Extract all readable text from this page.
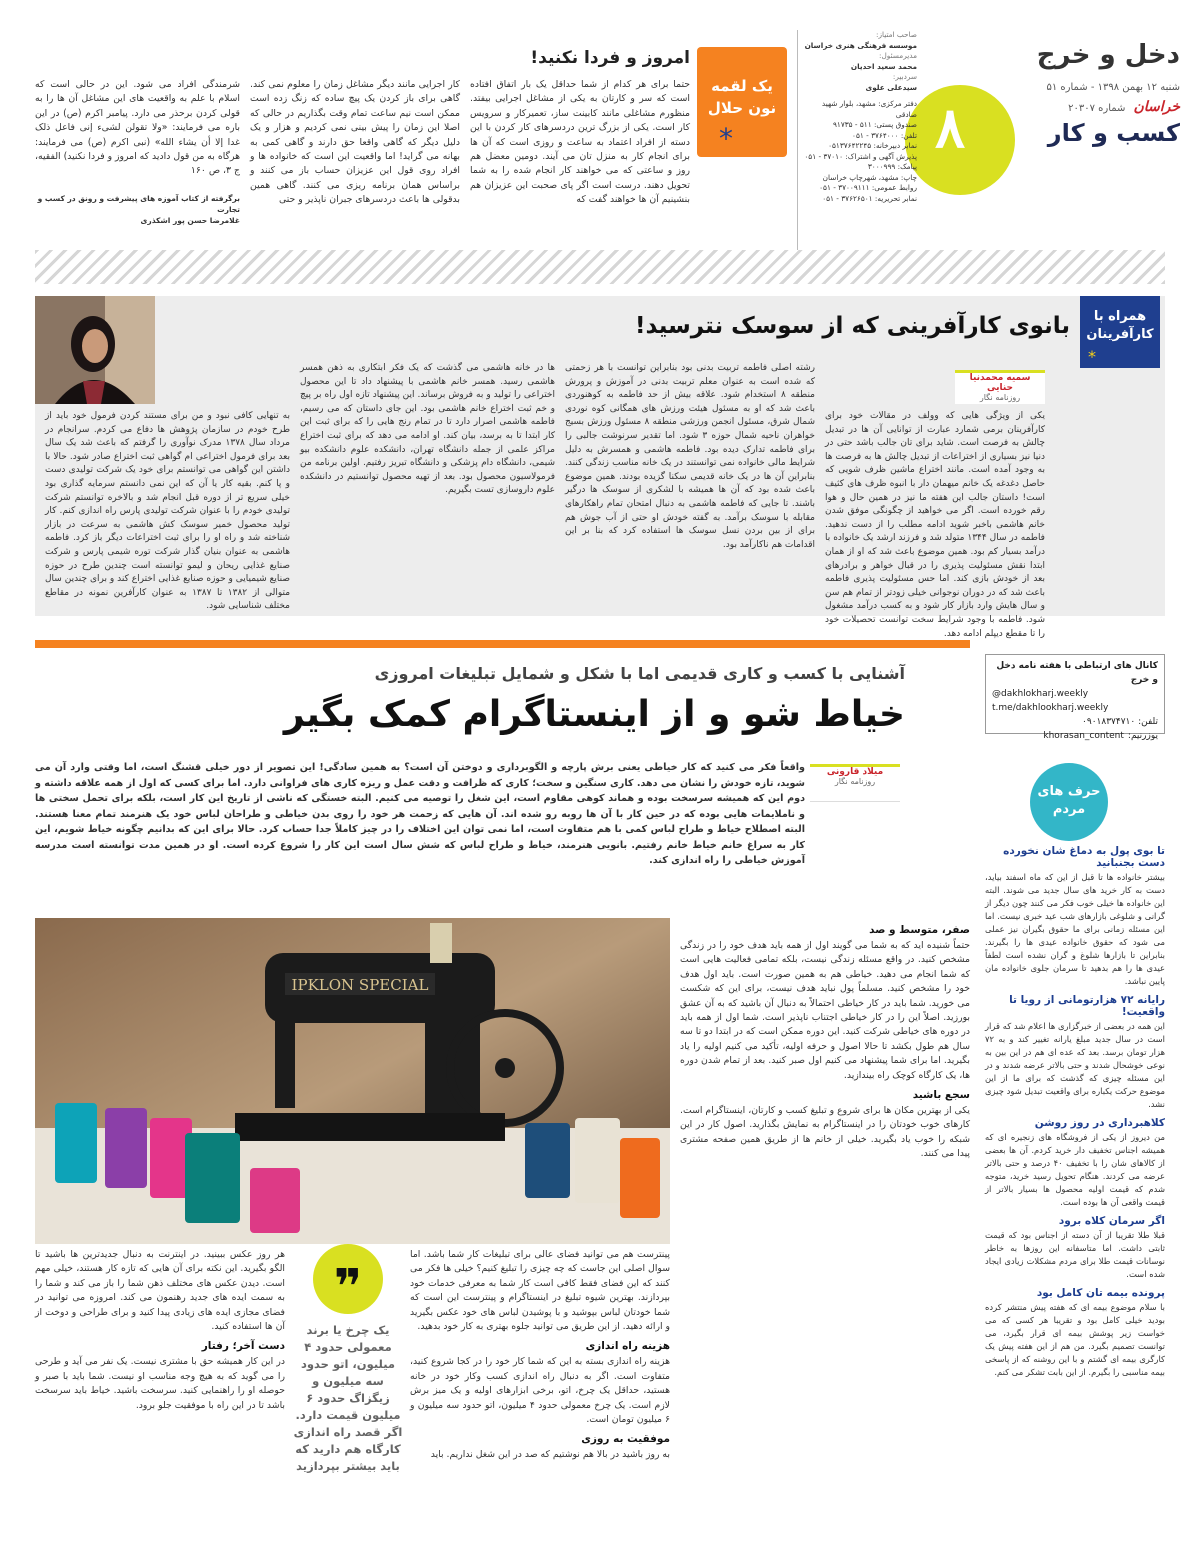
دخل و خرج
شنبه ۱۲ بهمن ۱۳۹۸ - شماره ۵۱
خراسان
شماره ۲۰۳۰۷
کسب و کار
۸
صاحب امتیاز:
موسسه فرهنگی هنری خراسان
مدیرمسئول:
محمد سعید احدیان
سردبیر:
سیدعلی علوی
دفتر مرکزی: مشهد، بلوار شهید صادقی
صندوق پستی: ۵۱۱ - ۹۱۷۳۵
تلفن: ۳۷۶۴۰۰۰ - ۰۵۱
نمابر دبیرخانه: ۰۵۱۳۷۶۴۲۲۴۵
پذیرش آگهی و اشتراک: ۳۷۰۱۰ - ۰۵۱
پیامک: ۳۰۰۰۹۹۹
چاپ: مشهد، شهرچاپ خراسان
روابط عمومی: ۳۷۰۰۹۱۱۱ - ۰۵۱
نمابر تحریریه: ۳۷۶۲۶۵۰۱ - ۰۵۱
یک لقمه نون حلال
*
امروز و فردا نکنید!
حتما برای هر کدام از شما حداقل یک بار اتفاق افتاده است که سر و کارتان به یکی از مشاغل اجرایی بیفتد. منظورم مشاغلی مانند کابینت ساز، تعمیرکار و سرویس کار است. یکی از بزرگ ترین دردسرهای کار کردن با این دسته از افراد اعتماد به ساعت و روزی است که آن ها برای انجام کار به منزل تان می آیند. دومین معضل هم روز و ساعتی که می خواهند کار انجام شده را به شما تحویل دهند. درست است اگر پای صحبت این عزیزان هم بنشینیم آن ها خواهند گفت که
کار اجرایی مانند دیگر مشاغل زمان را معلوم نمی کند. گاهی برای باز کردن یک پیچ ساده که زنگ زده است ممکن است نیم ساعت تمام وقت بگذاریم در حالی که اصلا این زمان را پیش بینی نمی کردیم و هزار و یک دلیل دیگر که گاهی واقعا حق دارند و گاهی کمی به بهانه می گراید! اما واقعیت این است که خانواده ها و افراد روی قول این عزیزان حساب باز می کنند و براساس همان برنامه ریزی می کنند. گاهی همین بدقولی ها باعث دردسرهای جبران ناپذیر و حتی
شرمندگی افراد می شود. این در حالی است که اسلام با علم به واقعیت های این مشاغل آن ها را به قولی کردن برحذر می دارد. پیامبر اکرم (ص) در این باره می فرمایند: «ولا تقولن لشیء إنی فاعل ذلک غدا إلا أن یشاء الله» (نبی اکرم (ص) می فرمایند: هرگاه به من قول دادید که امروز و فردا نکنید) الفقیه، ج ۳، ص ۱۶۰
برگرفته از کتاب آموزه های پیشرفت و رونق در کسب و تجارت
غلامرضا حسن پور اشکذری
همراه با کارآفرینان
*
بانوی کارآفرینی که از سوسک نترسید!
سمیه محمدنیا حنایی
روزنامه نگار
یکی از ویژگی هایی که وولف در مقالات خود برای کارآفرینان برمی شمارد عبارت از توانایی آن ها در تبدیل چالش به فرصت است. شاید برای تان جالب باشد حتی در دنیا نیز بسیاری از اختراعات از تبدیل چالش ها به فرصت ها به وجود آمده است. مانند اختراع ماشین ظرف شویی که حاصل دغدغه یک خانم میهمان دار با انبوه ظرف های کثیف است! داستان جالب این هفته ما نیز در همین حال و هوا رقم خورده است. اگر می خواهید از چگونگی موفق شدن خانم هاشمی باخبر شوید ادامه مطلب را از دست ندهید. فاطمه در سال ۱۳۴۴ متولد شد و فرزند ارشد یک خانواده با درآمد بسیار کم بود. همین موضوع باعث شد که او از همان ابتدا نقش مسئولیت پذیری را در قبال خواهر و برادرهای بعد از خودش بازی کند. اما حس مسئولیت پذیری فاطمه باعث شد که در دوران نوجوانی خیلی زودتر از تمام هم سن و سال هایش وارد بازار کار شود و به کسب درآمد مشغول شود. فاطمه با وجود شرایط سخت توانست تحصیلات خود را تا مقطع دیپلم ادامه دهد.
رشته اصلی فاطمه تربیت بدنی بود بنابراین توانست با هر زحمتی که شده است به عنوان معلم تربیت بدنی در آموزش و پرورش منطقه ۸ استخدام شود. علاقه بیش از حد فاطمه به کوهنوردی باعث شد که او به مسئول هیئت ورزش های همگانی کوه نوردی شمال شرق، مسئول انجمن ورزشی منطقه ۸ مسئول ورزش بسیج خواهران ناحیه شمال حوزه ۳ شود. اما تقدیر سرنوشت جالبی را برای فاطمه تدارک دیده بود. فاطمه هاشمی و همسرش به دلیل شرایط مالی خانواده نمی توانستند در یک خانه مناسب زندگی کنند. بنابراین آن ها در یک خانه قدیمی سکنا گزیده بودند. همین موضوع باعث شده بود که آن ها همیشه با لشکری از سوسک ها درگیر باشند. تا جایی که فاطمه هاشمی به دنبال امتحان تمام راهکارهای مقابله با سوسک برآمد. به گفته خودش او حتی از آب جوش هم برای از بین بردن نسل سوسک ها استفاده کرد که بنا بر این اقدامات هم ناکارآمد بود.
ها در خانه هاشمی می گذشت که یک فکر ابتکاری به ذهن همسر هاشمی رسید. همسر خانم هاشمی با پیشنهاد داد تا این محصول اختراعی را تولید و به فروش برساند. این پیشنهاد تازه اول راه بر پیچ و خم ثبت اختراع خانم هاشمی بود. این جای داستان که می رسیم، فاطمه هاشمی اصرار دارد تا در تمام رنج هایی را که برای ثبت این کار ابتدا تا به برسد، بیان کند. او ادامه می دهد که برای ثبت اختراع مراکز علمی از جمله دانشگاه تهران، دانشکده علوم دانشکده بیو شیمی، دانشگاه دام پزشکی و دانشگاه تبریز رفتیم. اولین برنامه من فرمولاسیون محصول بود. بعد از تهیه محصول توانستیم در دانشکده علوم داروسازی تست بگیریم.
به تنهایی کافی نبود و من برای مستند کردن فرمول خود باید از طرح خودم در سازمان پژوهش ها دفاع می کردم. سرانجام در مرداد سال ۱۳۷۸ مدرک نوآوری را گرفتم که باعث شد یک سال بعد برای فرمول اختراعی ام گواهی ثبت اختراع صادر شود. حالا با داشتن این گواهی می توانستم برای خود یک شرکت تولیدی دست و پا کنم. بقیه کار یا آن که این نمی دانستم سرمایه گذاری بود خیلی سریع تر از دوره قبل انجام شد و بالاخره توانستم شرکت تولیدی خودم را با عنوان شرکت تولیدی پارس راه اندازی کنم. کار تولید محصول خمیر سوسک کش هاشمی به سرعت در بازار شناخته شد و راه او را برای ثبت اختراعات دیگر باز کرد. فاطمه هاشمی به عنوان بنیان گذار شرکت توره شیمی پارس و شرکت صنایع غذایی ریحان و لیمو توانسته است چندین طرح در حوزه صنایع شیمیایی و حوزه صنایع غذایی اختراع کند و برای چندین سال متوالی از ۱۳۸۲ تا ۱۳۸۷ به عنوان کارآفرین نمونه در مقاطع مختلف شناسایی شود.
آشنایی با کسب و کاری قدیمی اما با شکل و شمایل تبلیغات امروزی
خیاط شو و از اینستاگرام کمک بگیر
میلاد قارونی
روزنامه نگار
واقعاً فکر می کنید که کار خیاطی یعنی برش پارچه و الگوبرداری و دوختن آن است؟ به همین سادگی! این تصویر از دور خیلی قشنگ است، اما وقتی وارد آن می شوید، تازه خودش را نشان می دهد. کاری سنگین و سخت؛ کاری که ظرافت و دقت عمل و ریزه کاری های فراوانی دارد. اما برای کسی که اول از همه علاقه داشته و دوم این که همیشه سرسخت بوده و هماند کوهی مقاوم است، این شغل را توصیه می کنیم. البته خستگی که ناشی از تاریخ این کار است، بلکه برای تحمل سختی ها و ناملایمات هایی بوده که در حین کار با آن ها روبه رو شده اند. آن هایی که زحمت هر خود را روی بدن خیاطی و طراحان لباس خود یک هنرمند تمام معنا هستند. البته اصطلاح خیاط و طراح لباس کمی با هم متفاوت است، اما نمی توان این اختلاف را در چیز کاملاً جدا حساب کرد. حالا برای این که بدانیم چگونه خیاط شویم، این کار به سراغ خانم خیاط خانم رفتیم. بانویی هنرمند، خیاط و طراح لباس که شش سال است این کار را شروع کرده است. او در همین مدت توانسته است مدرسه آموزش خیاطی را راه اندازی کند.
IPKLON SPECIAL
صفر، متوسط و صد
حتماً شنیده اید که به شما می گویند اول از همه باید هدف خود را در زندگی مشخص کنید. در واقع مسئله زندگی نیست، بلکه تمامی فعالیت هایی است که شما انجام می دهید. خیاطی هم به همین صورت است. باید اول هدف خود را مشخص کنید. مسلماً پول نباید هدف نیست، برای این که شکست می خورید. شما باید در کار خیاطی احتمالاً به دنبال آن باشید که به آن عشق بورزید. اصلاً این را در کار خیاطی اجتناب ناپذیر است. شما اول از همه باید در دوره های خیاطی شرکت کنید. این دوره ممکن است که در ابتدا دو تا سه سال هم طول بکشد تا حالا اصول و حرفه اولیه، تأکید می کنیم اولیه را یاد بگیرید. اما برای شما پیشنهاد می کنیم اول صبر کنید. بعد از تمام شدن دوره ها، یک کارگاه کوچک راه بیندازید.
سجع باشید
یکی از بهترین مکان ها برای شروع و تبلیغ کسب و کارتان، اینستاگرام است. کارهای خوب خودتان را در اینستاگرام به نمایش بگذارید. اصول کار در این شبکه را خوب یاد بگیرید. خیلی از خانم ها از طریق همین صفحه مشتری پیدا می کنند.
پینترست هم می توانید فضای عالی برای تبلیغات کار شما باشد. اما سوال اصلی این جاست که چه چیزی را تبلیغ کنیم؟ خیلی ها فکر می کنند که این فضای فقط کافی است کار شما به معرفی خدمات خود بپردازند. بهترین شیوه تبلیغ در اینستاگرام و پینترست این است که شما خودتان لباس بپوشید و با پوشیدن لباس های خود عکس بگیرید و ارائه دهید. از این طریق می توانید جلوه بهتری به کار خود بدهید.
هزینه راه اندازی
هزینه راه اندازی بسته به این که شما کار خود را در کجا شروع کنید، متفاوت است. اگر به دنبال راه اندازی کسب وکار خود در خانه هستید، حداقل یک چرخ، اتو، برخی ابزارهای اولیه و یک میز برش لازم است. یک چرخ معمولی حدود ۴ میلیون، اتو حدود سه میلیون و ۶ میلیون تومان است.
موفقیت به روزی
به روز باشید در بالا هم نوشتیم که صد در این شغل نداریم. باید
❞
یک چرخ یا برند معمولی حدود ۴ میلیون، اتو حدود سه میلیون و زیگزاگ حدود ۶ میلیون قیمت دارد. اگر قصد راه اندازی کارگاه هم دارید که باید بیشتر بپردازید
هر روز عکس ببینید. در اینترنت به دنبال جدیدترین ها باشید تا الگو بگیرید. این نکته برای آن هایی که تازه کار هستند، خیلی مهم است. دیدن عکس های مختلف ذهن شما را باز می کند و شما را به سمت ایده های جدید رهنمون می کند. امروزه می توانید در فضای مجازی ایده های زیادی پیدا کنید و برای طراحی و دوخت از آن ها استفاده کنید.
دست آخر؛ رفتار
در این کار همیشه حق با مشتری نیست. یک نفر می آید و طرحی را می گوید که به هیچ وجه مناسب او نیست. شما باید با صبر و حوصله او را راهنمایی کنید. سرسخت باشید. خیاط باید سرسخت باشد تا در این راه با موفقیت جلو برود.
کانال های ارتباطی با هفته نامه دخل و خرج
@dakhlokharj.weekly
t.me/dakhlookharj.weekly
تلفن: ۰۹۰۱۸۳۷۴۷۱۰
یوزرنیم:
khorasan_content
تا بوی پول به دماغ شان نخورده دست بجنبانید
بیشتر خانواده ها تا قبل از این که ماه اسفند بیاید، دست به کار خرید های سال جدید می شوند. البته این خانواده ها خیلی خوب فکر می کنند چون دیگر از گرانی و شلوغی بازارهای شب عید خبری نیست. اما این مسئله زمانی برای ما حقوق بگیران نیز عملی می شود که حقوق خانواده عیدی ها را بگیرند. بنابراین تا بازارها شلوغ و گران نشده است لطفاً عیدی ها را هم بدهید تا سرمان جلوی خانواده مان پایین نباشد.
رایانه ۷۲ هزارتومانی از رویا تا واقعیت!
این همه در بعضی از خبرگزاری ها اعلام شد که قرار است در سال جدید مبلغ یارانه تغییر کند و به ۷۲ هزار تومان برسد. بعد که عده ای هم در این بین به نوعی خوشحال شدند و حتی بالاتر عرضه شدند و در این مسئله چیزی که گذشت که برای ما از این موضوع حرکت یکباره برای واقعیت تبدیل شود چیزی نشد.
کلاهبرداری در روز روشن
من دیروز از یکی از فروشگاه های زنجیره ای که همیشه اجناس تخفیف دار خرید کردم. آن ها بعضی از کالاهای شان را با تخفیف ۴۰ درصد و حتی بالاتر عرضه می کردند. هنگام تحویل رسید خرید، متوجه شدم که قیمت اولیه محصول ها بسیار بالاتر از قیمت واقعی آن ها بوده است.
اگر سرمان کلاه برود
قبلا طلا تقریبا از آن دسته از اجناس بود که قیمت ثابتی داشت. اما متاسفانه این روزها به خاطر نوسانات قیمت طلا برای مردم مشکلات زیادی ایجاد شده است.
پرونده بیمه تان کامل بود
با سلام موضوع بیمه ای که هفته پیش منتشر کرده بودید خیلی کامل بود و تقریبا هر کسی که می خواست زیر پوشش بیمه ای قرار بگیرد، می توانست تصمیم بگیرد. من هم از این هفته پیش یک کارگری بیمه ای گشتم و با این روشنه که از پاسخی بیمه مناسبی را بگیرم. از این بابت تشکر می کنم.
حرف های مردم
